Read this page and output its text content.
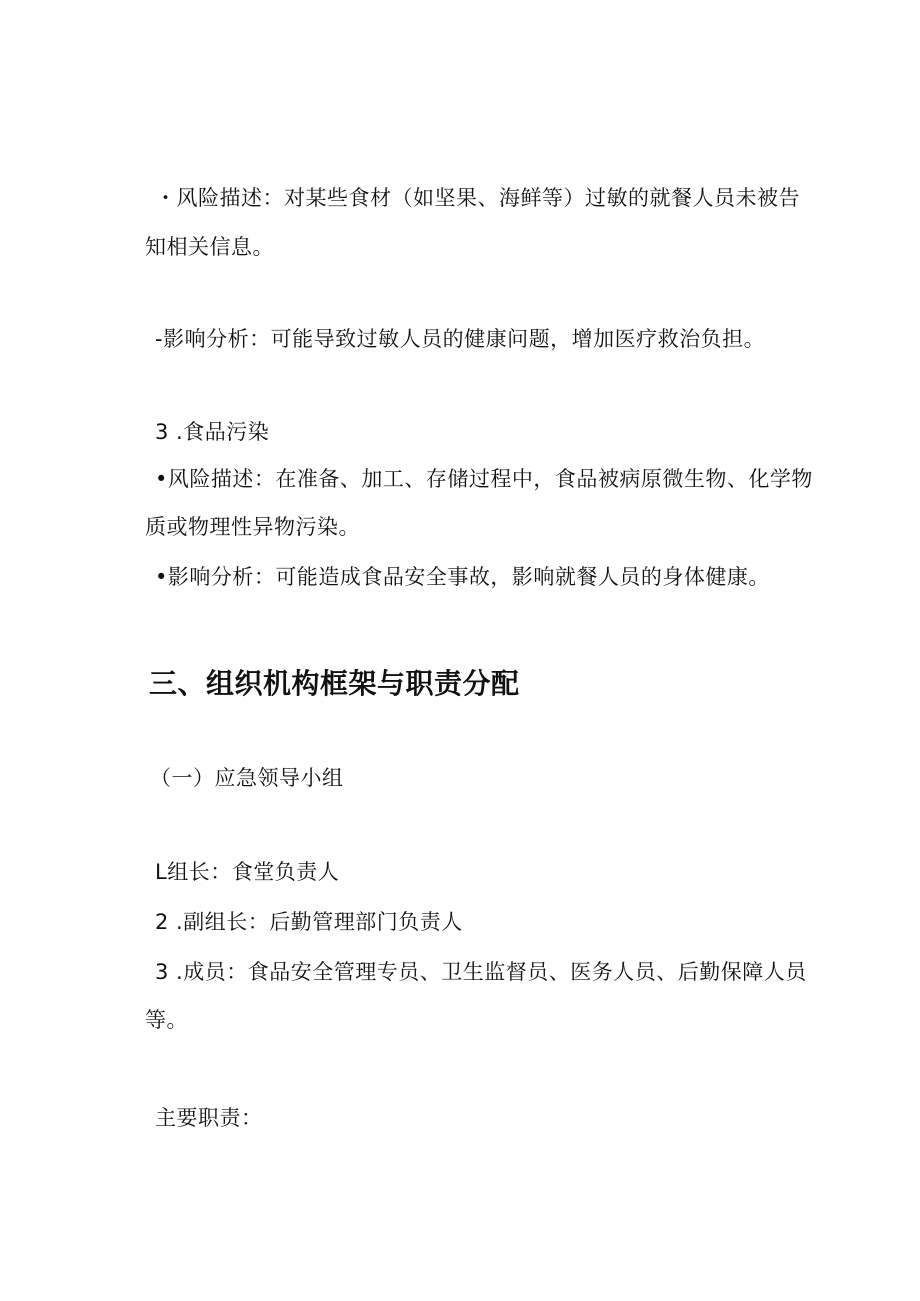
・风险描述：对某些食材（如坚果、海鲜等）过敏的就餐人员未被告
知相关信息。
-影响分析：可能导致过敏人员的健康问题，增加医疗救治负担。
3 .食品污染
•风险描述：在准备、加工、存储过程中，食品被病原微生物、化学物
质或物理性异物污染。
•影响分析：可能造成食品安全事故，影响就餐人员的身体健康。
三、组织机构框架与职责分配
（一）应急领导小组
L组长：食堂负责人
2 .副组长：后勤管理部门负责人
3 .成员：食品安全管理专员、卫生监督员、医务人员、后勤保障人员
等。
主要职责：
